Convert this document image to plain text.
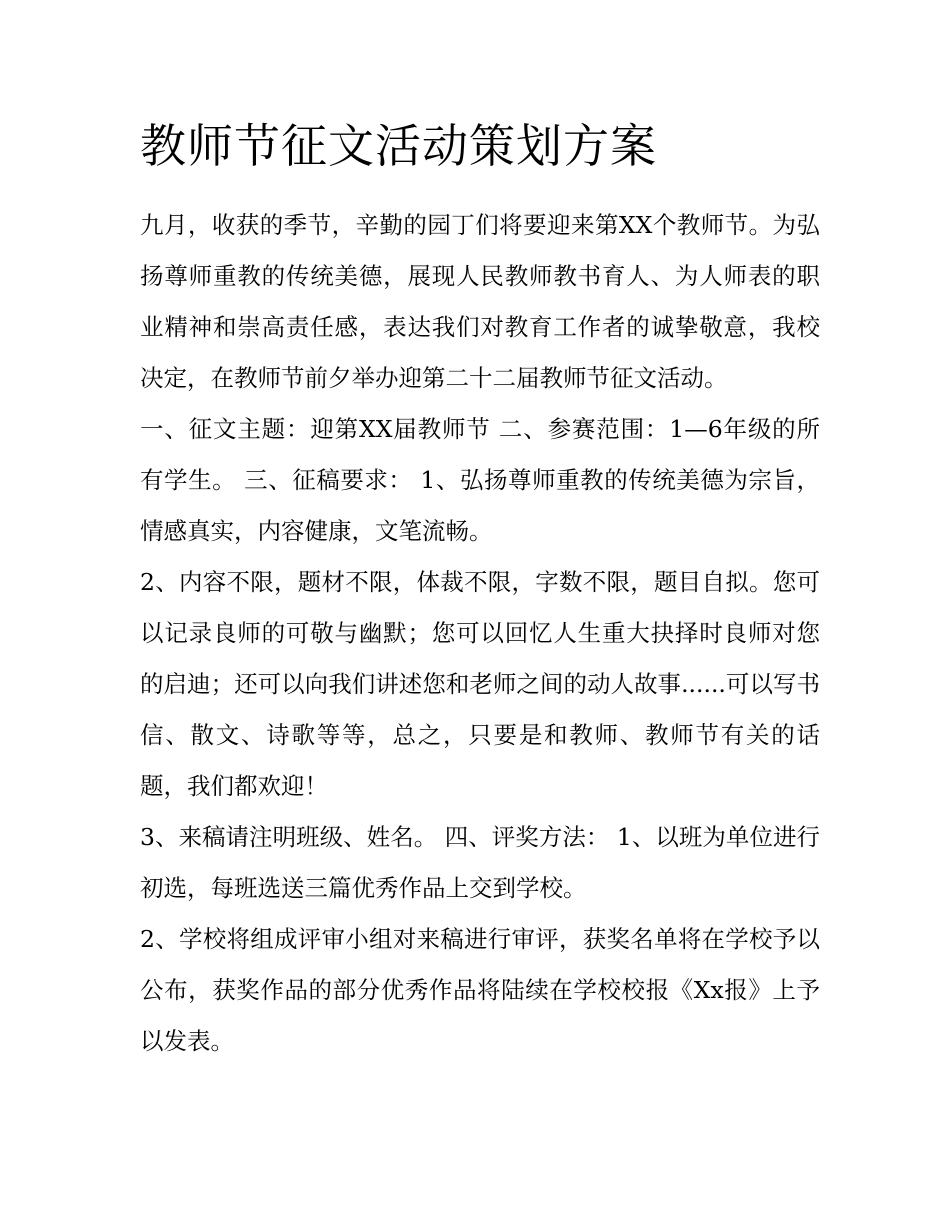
教师节征文活动策划方案

九月，收获的季节，辛勤的园丁们将要迎来第XX个教师节。为弘扬尊师重教的传统美德，展现人民教师教书育人、为人师表的职业精神和崇高责任感，表达我们对教育工作者的诚挚敬意，我校决定，在教师节前夕举办迎第二十二届教师节征文活动。

一、征文主题：迎第XX届教师节 二、参赛范围：1—6年级的所有学生。 三、征稿要求： 1、弘扬尊师重教的传统美德为宗旨，情感真实，内容健康，文笔流畅。

2、内容不限，题材不限，体裁不限，字数不限，题目自拟。您可以记录良师的可敬与幽默；您可以回忆人生重大抉择时良师对您的启迪；还可以向我们讲述您和老师之间的动人故事......可以写书信、散文、诗歌等等，总之，只要是和教师、教师节有关的话题，我们都欢迎！

3、来稿请注明班级、姓名。 四、评奖方法： 1、以班为单位进行初选，每班选送三篇优秀作品上交到学校。

2、学校将组成评审小组对来稿进行审评，获奖名单将在学校予以公布，获奖作品的部分优秀作品将陆续在学校校报《Xx报》上予以发表。
